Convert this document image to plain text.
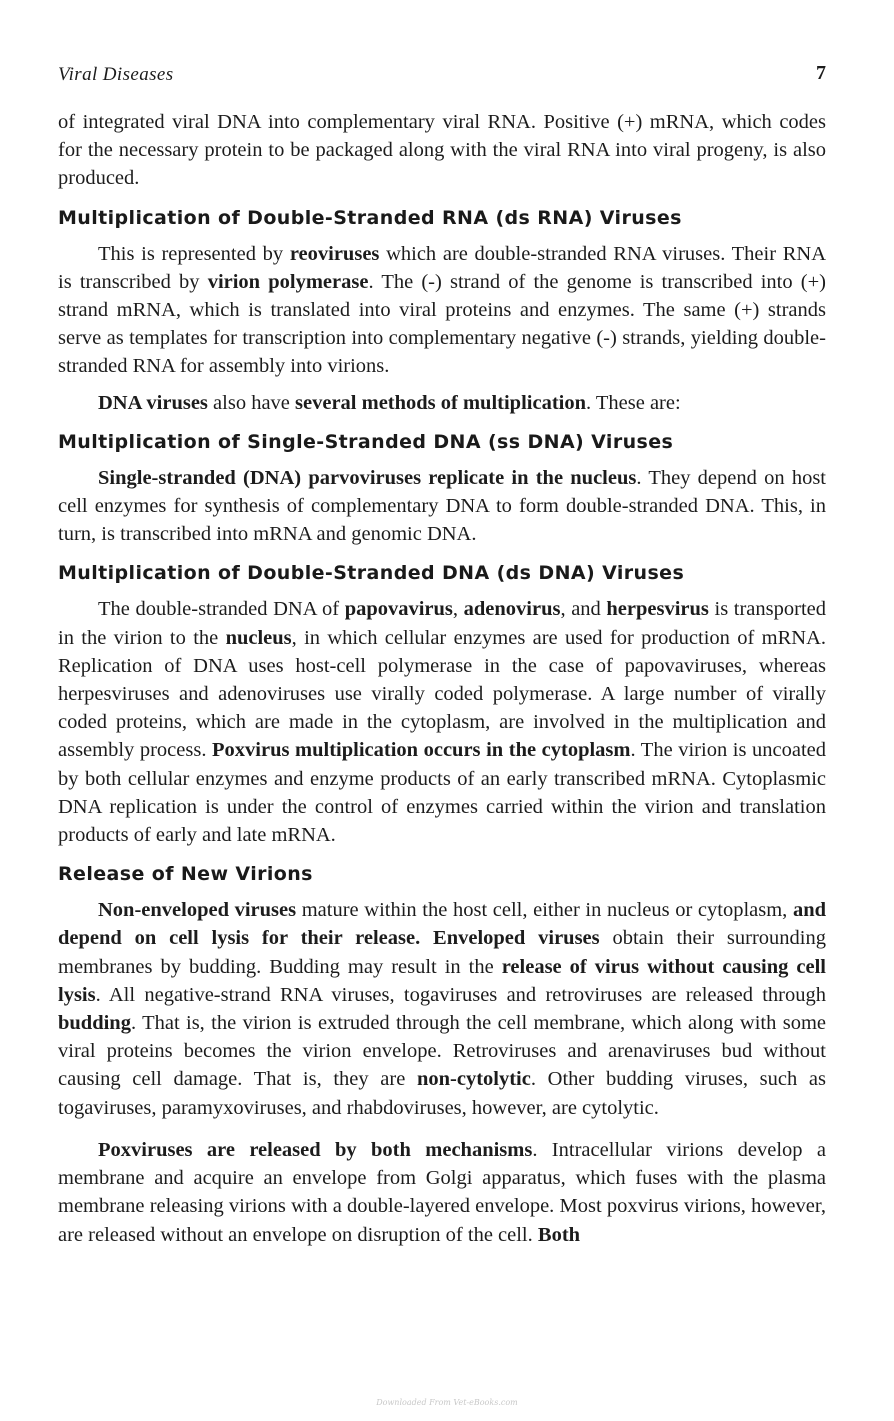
Viral Diseases	7

of integrated viral DNA into complementary viral RNA. Positive (+) mRNA, which codes for the necessary protein to be packaged along with the viral RNA into viral progeny, is also produced.

Multiplication of Double-Stranded RNA (ds RNA) Viruses

This is represented by reoviruses which are double-stranded RNA viruses. Their RNA is transcribed by virion polymerase. The (-) strand of the genome is transcribed into (+) strand mRNA, which is translated into viral proteins and enzymes. The same (+) strands serve as templates for transcription into complementary negative (-) strands, yielding double-stranded RNA for assembly into virions.

DNA viruses also have several methods of multiplication. These are:

Multiplication of Single-Stranded DNA (ss DNA) Viruses

Single-stranded (DNA) parvoviruses replicate in the nucleus. They depend on host cell enzymes for synthesis of complementary DNA to form double-stranded DNA. This, in turn, is transcribed into mRNA and genomic DNA.

Multiplication of Double-Stranded DNA (ds DNA) Viruses

The double-stranded DNA of papovavirus, adenovirus, and herpesvirus is transported in the virion to the nucleus, in which cellular enzymes are used for production of mRNA. Replication of DNA uses host-cell polymerase in the case of papovaviruses, whereas herpesviruses and adenoviruses use virally coded polymerase. A large number of virally coded proteins, which are made in the cytoplasm, are involved in the multiplication and assembly process. Poxvirus multiplication occurs in the cytoplasm. The virion is uncoated by both cellular enzymes and enzyme products of an early transcribed mRNA. Cytoplasmic DNA replication is under the control of enzymes carried within the virion and translation products of early and late mRNA.

Release of New Virions

Non-enveloped viruses mature within the host cell, either in nucleus or cytoplasm, and depend on cell lysis for their release. Enveloped viruses obtain their surrounding membranes by budding. Budding may result in the release of virus without causing cell lysis. All negative-strand RNA viruses, togaviruses and retroviruses are released through budding. That is, the virion is extruded through the cell membrane, which along with some viral proteins becomes the virion envelope. Retroviruses and arenaviruses bud without causing cell damage. That is, they are non-cytolytic. Other budding viruses, such as togaviruses, paramyxoviruses, and rhabdoviruses, however, are cytolytic.

Poxviruses are released by both mechanisms. Intracellular virions develop a membrane and acquire an envelope from Golgi apparatus, which fuses with the plasma membrane releasing virions with a double-layered envelope. Most poxvirus virions, however, are released without an envelope on disruption of the cell. Both

Downloaded From Vet-eBooks.com
